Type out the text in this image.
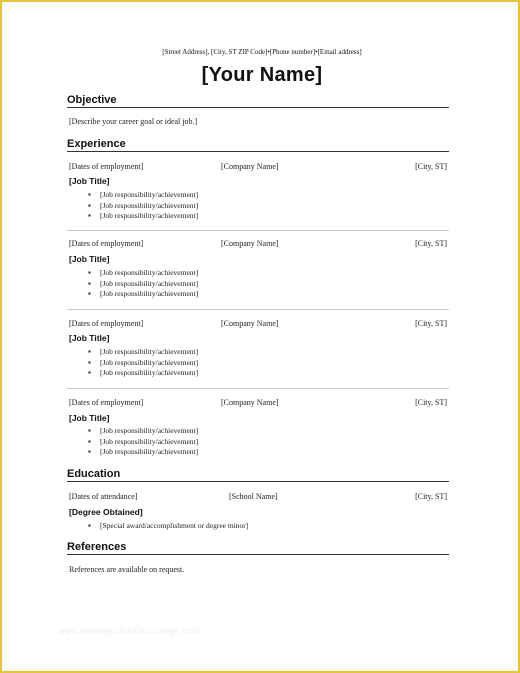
[Street Address], [City, ST ZIP Code]•[Phone number]•[Email address]
[Your Name]
Objective
[Describe your career goal or ideal job.]
Experience
[Dates of employment]	[Company Name]	[City, ST]
[Job Title]
▪ [Job responsibility/achievement]
▪ [Job responsibility/achievement]
▪ [Job responsibility/achievement]
[Dates of employment]	[Company Name]	[City, ST]
[Job Title]
▪ [Job responsibility/achievement]
▪ [Job responsibility/achievement]
▪ [Job responsibility/achievement]
[Dates of employment]	[Company Name]	[City, ST]
[Job Title]
▪ [Job responsibility/achievement]
▪ [Job responsibility/achievement]
▪ [Job responsibility/achievement]
[Dates of employment]	[Company Name]	[City, ST]
[Job Title]
▪ [Job responsibility/achievement]
▪ [Job responsibility/achievement]
▪ [Job responsibility/achievement]
Education
[Dates of attendance]	[School Name]	[City, ST]
[Degree Obtained]
▪ [Special award/accomplishment or degree minor]
References
References are available on request.
www.heritagechristiancollege.com
